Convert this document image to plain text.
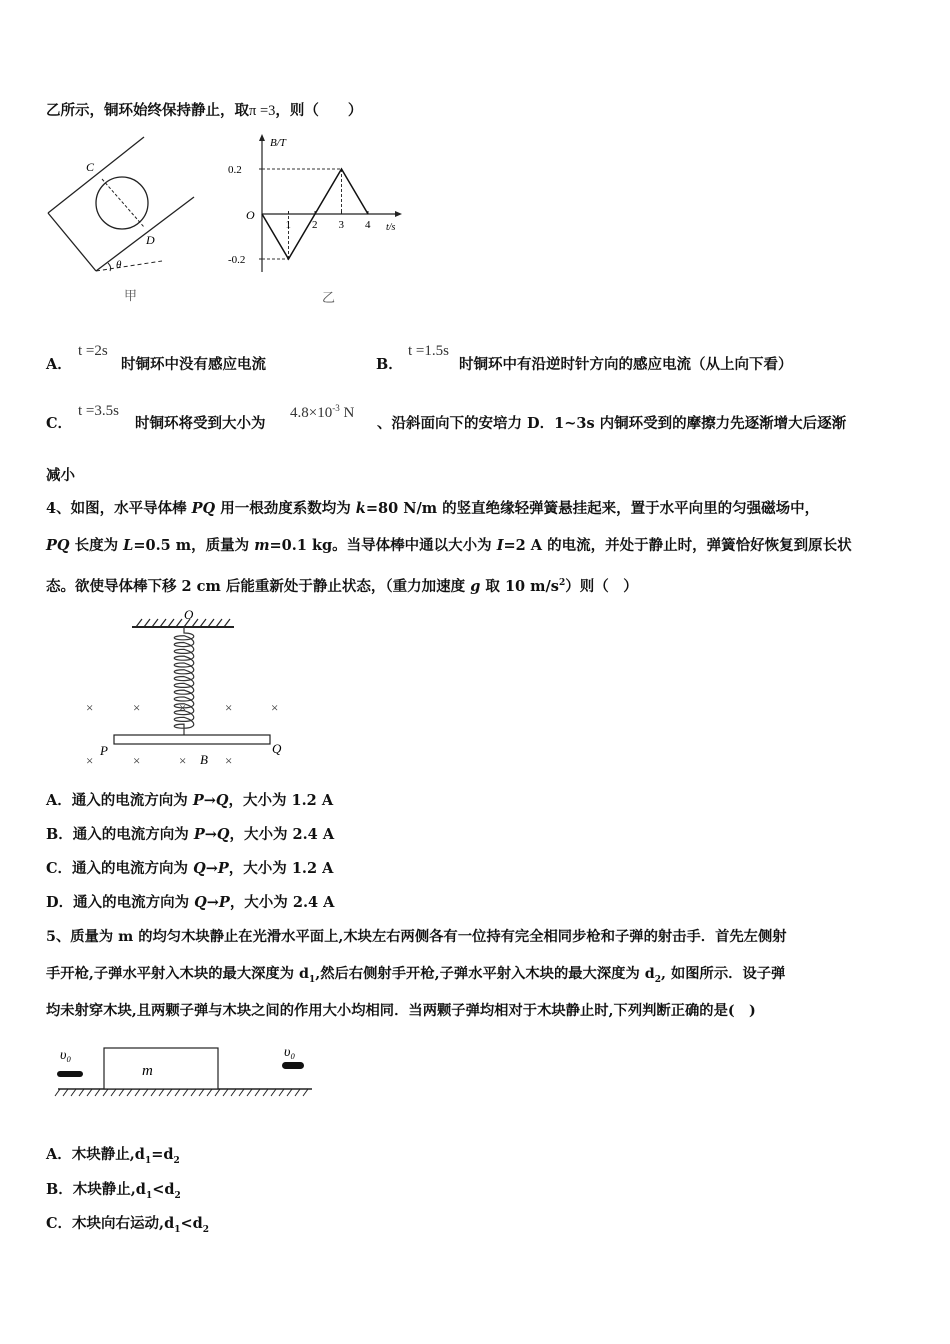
乙所示，铜环始终保持静止，取π =3，则（　　）
C
D
θ
甲
B/T
t/s
O
0.2
-0.2
1 2 3 4
乙
A．
t =2s
时铜环中没有感应电流	B．
t =1.5s
时铜环中有沿逆时针方向的感应电流（从上向下看）
C．
t =3.5s
时铜环将受到大小为
$4.8\times 10^{-3}$ N
、沿斜面向下的安培力 D．1~3s 内铜环受到的摩擦力先逐渐增大后逐渐
减小
4、如图，水平导体棒 PQ 用一根劲度系数均为 k=80 N/m 的竖直绝缘轻弹簧悬挂起来，置于水平向里的匀强磁场中，
PQ 长度为 L=0.5 m，质量为 m=0.1 kg。当导体棒中通以大小为 I=2 A 的电流，并处于静止时，弹簧恰好恢复到原长状
态。欲使导体棒下移 2 cm 后能重新处于静止状态，（重力加速度 g 取 10 $m/s^2$）则（　）
O
P	Q
B
×	×	×	×	×
×	×	×	×
A．通入的电流方向为 P→Q，大小为 1.2 A
B．通入的电流方向为 P→Q，大小为 2.4 A
C．通入的电流方向为 Q→P，大小为 1.2 A
D．通入的电流方向为 Q→P，大小为 2.4 A
5、质量为 m 的均匀木块静止在光滑水平面上,木块左右两侧各有一位持有完全相同步枪和子弹的射击手．首先左侧射
手开枪,子弹水平射入木块的最大深度为 $d_1$,然后右侧射手开枪,子弹水平射入木块的最大深度为 $d_2$, 如图所示．设子弹
均未射穿木块,且两颗子弹与木块之间的作用大小均相同．当两颗子弹均相对于木块静止时,下列判断正确的是(　)
m
υ₀	υ₀
A．木块静止$,d_1=d_2$
B．木块静止$,d_1<d_2$
C．木块向右运动$,d_1<d_2$
